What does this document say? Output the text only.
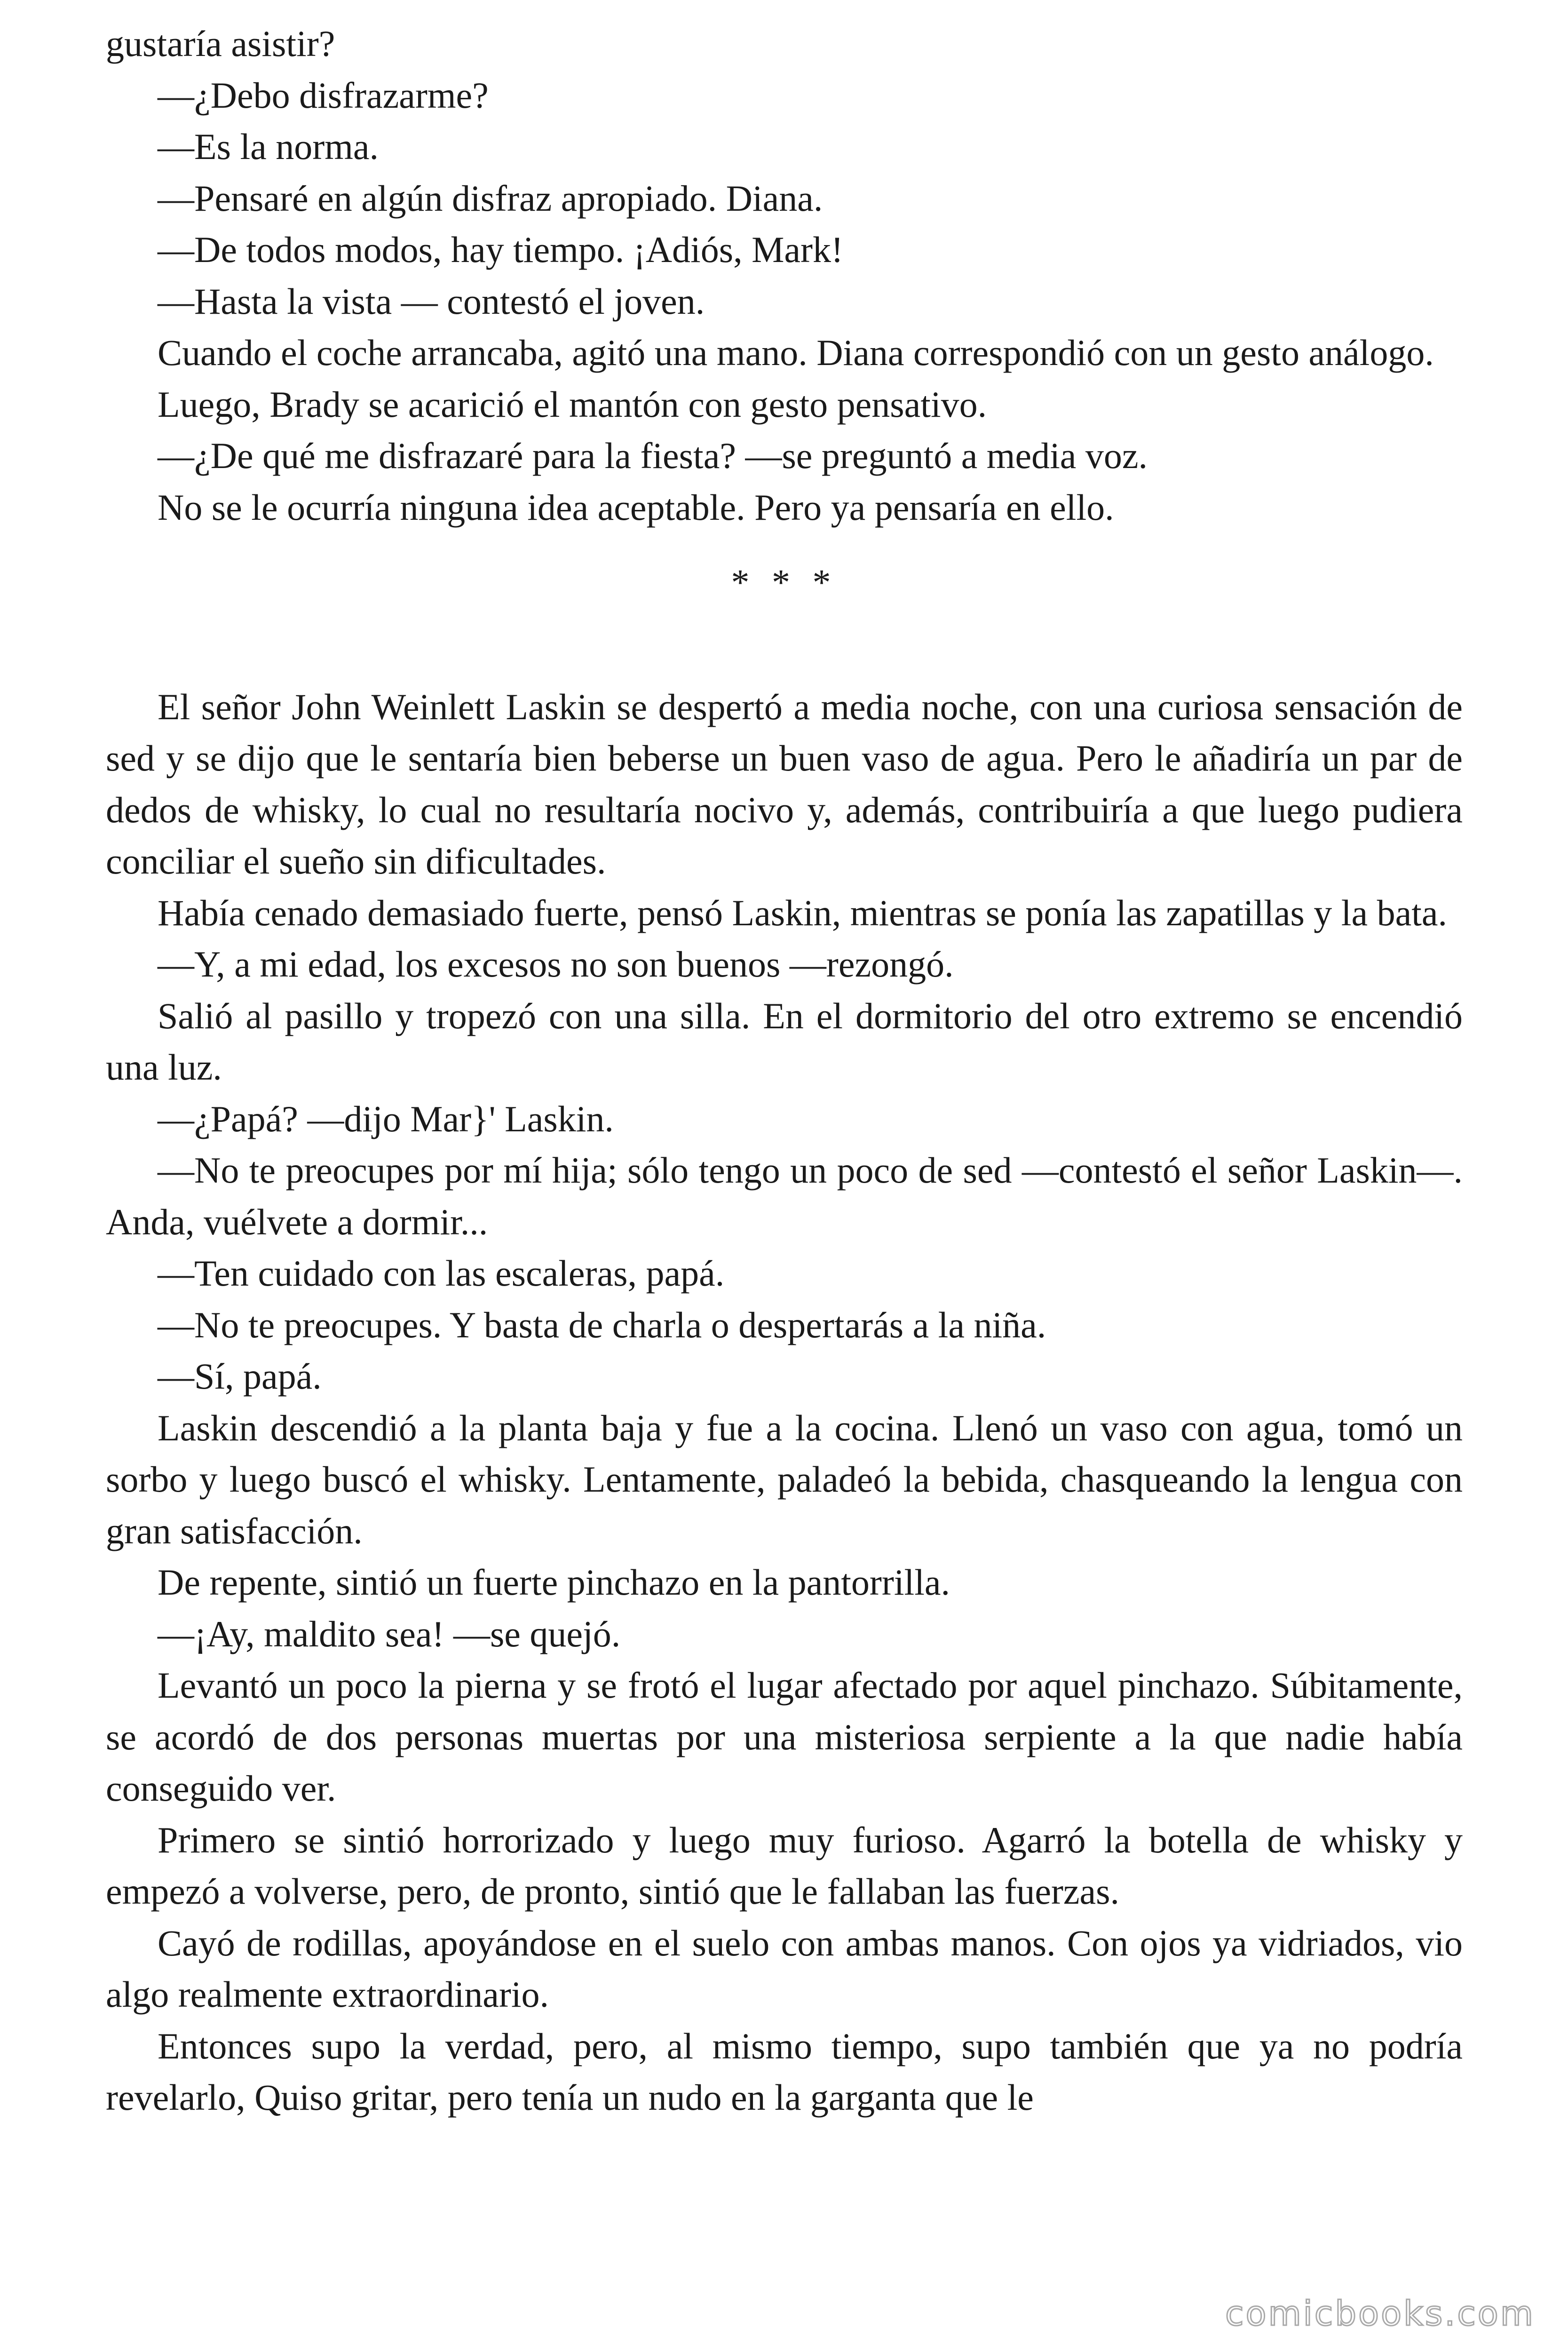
gustaría asistir?

—¿Debo disfrazarme?

—Es la norma.

—Pensaré en algún disfraz apropiado. Diana.

—De todos modos, hay tiempo. ¡Adiós, Mark!

—Hasta la vista — contestó el joven.

Cuando el coche arrancaba, agitó una mano. Diana correspondió con un gesto análogo.

Luego, Brady se acarició el mantón con gesto pensativo.

—¿De qué me disfrazaré para la fiesta? —se preguntó a media voz.

No se le ocurría ninguna idea aceptable. Pero ya pensaría en ello.

* * *

El señor John Weinlett Laskin se despertó a media noche, con una curiosa sensación de sed y se dijo que le sentaría bien beberse un buen vaso de agua. Pero le añadiría un par de dedos de whisky, lo cual no resultaría nocivo y, además, contribuiría a que luego pudiera conciliar el sueño sin dificultades.

Había cenado demasiado fuerte, pensó Laskin, mientras se ponía las zapatillas y la bata.

—Y, a mi edad, los excesos no son buenos —rezongó.

Salió al pasillo y tropezó con una silla. En el dormitorio del otro extremo se encendió una luz.

—¿Papá? —dijo Mar}' Laskin.

—No te preocupes por mí hija; sólo tengo un poco de sed —contestó el señor Laskin—. Anda, vuélvete a dormir...

—Ten cuidado con las escaleras, papá.

—No te preocupes. Y basta de charla o despertarás a la niña.

—Sí, papá.

Laskin descendió a la planta baja y fue a la cocina. Llenó un vaso con agua, tomó un sorbo y luego buscó el whisky. Lentamente, paladeó la bebida, chasqueando la lengua con gran satisfacción.

De repente, sintió un fuerte pinchazo en la pantorrilla.

—¡Ay, maldito sea! —se quejó.

Levantó un poco la pierna y se frotó el lugar afectado por aquel pinchazo. Súbitamente, se acordó de dos personas muertas por una misteriosa serpiente a la que nadie había conseguido ver.

Primero se sintió horrorizado y luego muy furioso. Agarró la botella de whisky y empezó a volverse, pero, de pronto, sintió que le fallaban las fuerzas.

Cayó de rodillas, apoyándose en el suelo con ambas manos. Con ojos ya vidriados, vio algo realmente extraordinario.

Entonces supo la verdad, pero, al mismo tiempo, supo también que ya no podría revelarlo, Quiso gritar, pero tenía un nudo en la garganta que le

comicbooks.com
